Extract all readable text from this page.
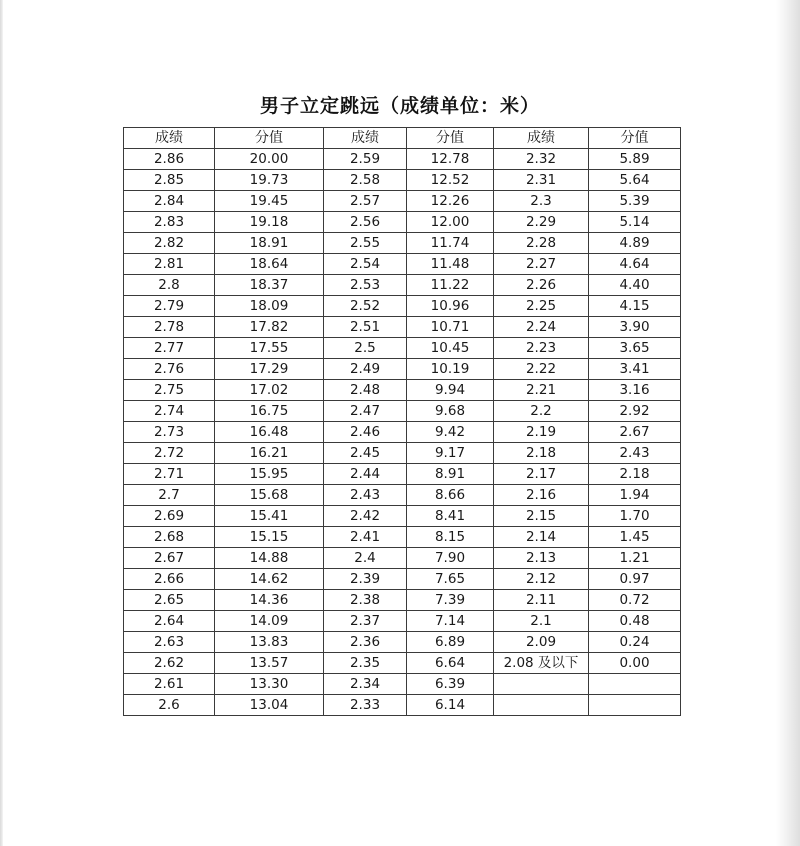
男子立定跳远（成绩单位：米）
成绩	分值	成绩	分值	成绩	分值
2.86	20.00	2.59	12.78	2.32	5.89
2.85	19.73	2.58	12.52	2.31	5.64
2.84	19.45	2.57	12.26	2.3	5.39
2.83	19.18	2.56	12.00	2.29	5.14
2.82	18.91	2.55	11.74	2.28	4.89
2.81	18.64	2.54	11.48	2.27	4.64
2.8	18.37	2.53	11.22	2.26	4.40
2.79	18.09	2.52	10.96	2.25	4.15
2.78	17.82	2.51	10.71	2.24	3.90
2.77	17.55	2.5	10.45	2.23	3.65
2.76	17.29	2.49	10.19	2.22	3.41
2.75	17.02	2.48	9.94	2.21	3.16
2.74	16.75	2.47	9.68	2.2	2.92
2.73	16.48	2.46	9.42	2.19	2.67
2.72	16.21	2.45	9.17	2.18	2.43
2.71	15.95	2.44	8.91	2.17	2.18
2.7	15.68	2.43	8.66	2.16	1.94
2.69	15.41	2.42	8.41	2.15	1.70
2.68	15.15	2.41	8.15	2.14	1.45
2.67	14.88	2.4	7.90	2.13	1.21
2.66	14.62	2.39	7.65	2.12	0.97
2.65	14.36	2.38	7.39	2.11	0.72
2.64	14.09	2.37	7.14	2.1	0.48
2.63	13.83	2.36	6.89	2.09	0.24
2.62	13.57	2.35	6.64	2.08 及以下	0.00
2.61	13.30	2.34	6.39		
2.6	13.04	2.33	6.14		
